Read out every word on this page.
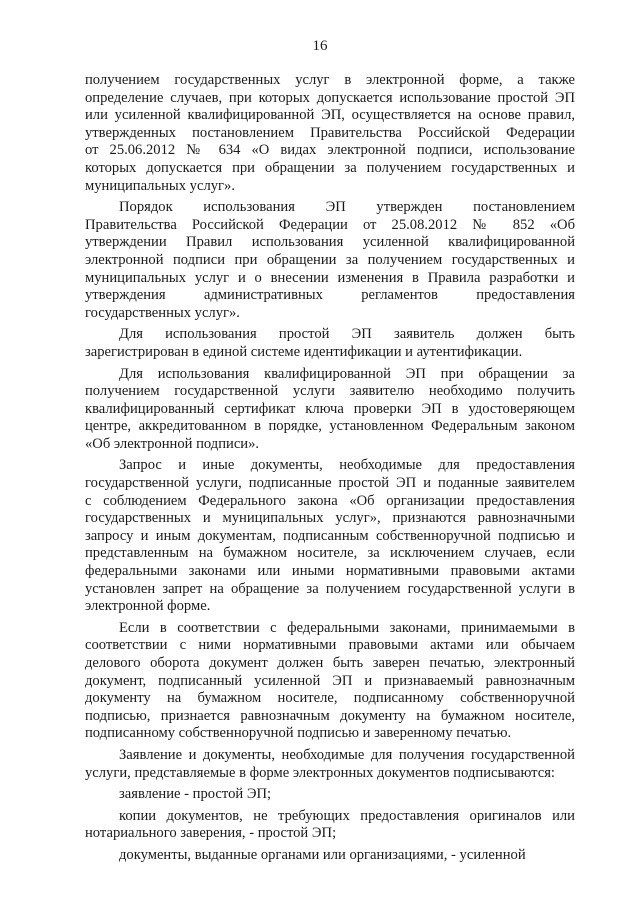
16
получением государственных услуг в электронной форме, а также
определение случаев, при которых допускается использование простой ЭП
или усиленной квалифицированной ЭП, осуществляется на основе правил,
утвержденных постановлением Правительства Российской Федерации
от 25.06.2012 № 634 «О видах электронной подписи, использование
которых допускается при обращении за получением государственных и
муниципальных услуг».
Порядок использования ЭП утвержден постановлением
Правительства Российской Федерации от 25.08.2012 № 852 «Об
утверждении Правил использования усиленной квалифицированной
электронной подписи при обращении за получением государственных и
муниципальных услуг и о внесении изменения в Правила разработки и
утверждения административных регламентов предоставления
государственных услуг».
Для использования простой ЭП заявитель должен быть
зарегистрирован в единой системе идентификации и аутентификации.
Для использования квалифицированной ЭП при обращении за
получением государственной услуги заявителю необходимо получить
квалифицированный сертификат ключа проверки ЭП в удостоверяющем
центре, аккредитованном в порядке, установленном Федеральным законом
«Об электронной подписи».
Запрос и иные документы, необходимые для предоставления
государственной услуги, подписанные простой ЭП и поданные заявителем
с соблюдением Федерального закона «Об организации предоставления
государственных и муниципальных услуг», признаются равнозначными
запросу и иным документам, подписанным собственноручной подписью и
представленным на бумажном носителе, за исключением случаев, если
федеральными законами или иными нормативными правовыми актами
установлен запрет на обращение за получением государственной услуги в
электронной форме.
Если в соответствии с федеральными законами, принимаемыми в
соответствии с ними нормативными правовыми актами или обычаем
делового оборота документ должен быть заверен печатью, электронный
документ, подписанный усиленной ЭП и признаваемый равнозначным
документу на бумажном носителе, подписанному собственноручной
подписью, признается равнозначным документу на бумажном носителе,
подписанному собственноручной подписью и заверенному печатью.
Заявление и документы, необходимые для получения государственной
услуги, представляемые в форме электронных документов подписываются:
заявление - простой ЭП;
копии документов, не требующих предоставления оригиналов или
нотариального заверения, - простой ЭП;
документы, выданные органами или организациями, - усиленной
